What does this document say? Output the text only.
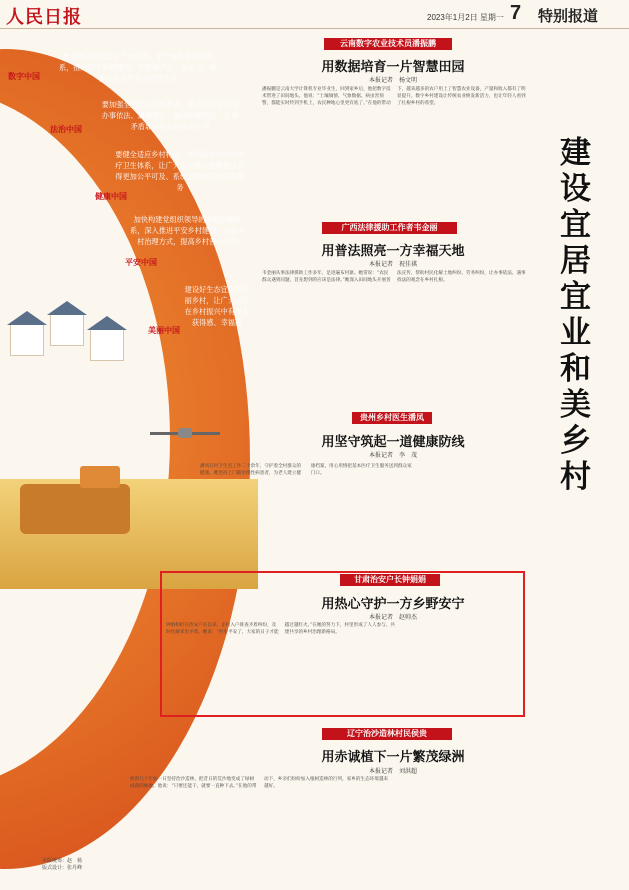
人民日报	2023年1月2日 星期一 7 特别报道
数字中国
推动建立现代农业产业体系、生产体系和经营体系，推进数字乡村建设，培育新产业、新业态、新模式和新型农业经营主体
法治中国
要加强全民普法宣传教育，推动全社会形成办事依法、遇事找法、解决问题用法、化解矛盾靠法的良好法治环境
健康中国
要健全适应乡村特点、优质高效的乡村医疗卫生体系，让广大农民群众能够就近获得更加公平可及、系统连续的医疗卫生服务
平安中国
加快构建党组织领导的乡村治理体系，深入推进平安乡村建设，创新乡村治理方式，提高乡村善治水平
美丽中国
建设好生态宜居的美丽乡村，让广大农民在乡村振兴中有更多获得感、幸福感
建设宜居宜业和美乡村
云南数字农业技术员潘振鹏
用数据培育一片智慧田园
本报记者　杨文明
潘振鹏是云南大学计算机专业毕业生，回到家乡后，他把数字技术带进了田间地头。他说：“土壤墒情、气象数据、病虫害预警，都能实时传到手机上，农民种地心里更有底了。”在他的带动下，越来越多的农户用上了智慧农业设备，产量和收入都有了明显提升。数字乡村建设让传统农业焕发新活力，也让年轻人看到了扎根乡村的希望。
广西法律援助工作者韦金丽
用普法照亮一方幸福天地
本报记者　祝佳祺
韦金丽从事法律援助工作多年，足迹遍布村寨。她常说：“农民群众遇到问题，首先想到的应该是法律。”她深入田间地头开展普法宣传，帮助村民化解土地纠纷、劳务纠纷，让办事依法、遇事找法的观念在乡村扎根。
贵州乡村医生潘凤
用坚守筑起一道健康防线
本报记者　李　茂
潘凤在村卫生室工作二十余年，守护着全村群众的健康。她坚持上门随访慢性病患者，为老人建立健康档案，用心用情把基本医疗卫生服务送到群众家门口。
甘肃治安户长钟娟娟
用热心守护一方乡野安宁
本报记者　赵帅杰
钟娟娟担任治安户长以来，走村入户排查矛盾纠纷，及时化解邻里矛盾。她说：“村里平安了，大家的日子才能越过越红火。”在她的努力下，村里形成了人人参与、共建共享的乡村治理新格局。
辽宁治沙造林村民侯贵
用赤诚植下一片繁茂绿洲
本报记者　刘洪超
侯贵几十年如一日坚持治沙造林，把昔日的荒沙地变成了绿树成荫的林地。他说：“只要还能干，就要一直种下去。”在他的带动下，乡亲们纷纷加入植树造林的行列，家乡的生态环境越来越好。
本版统筹：赵　杨
版式设计：张丹峰
